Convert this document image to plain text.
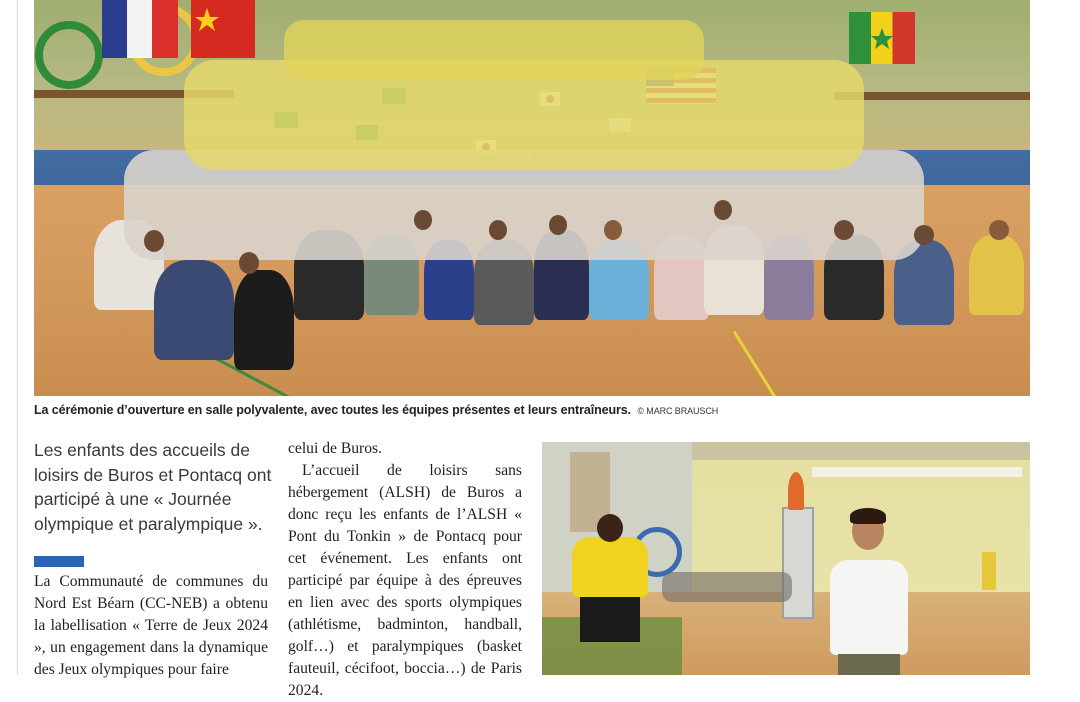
La cérémonie d’ouverture en salle polyvalente, avec toutes les équipes présentes et leurs entraîneurs. © MARC BRAUSCH
Les enfants des accueils de loisirs de Buros et Pontacq ont participé à une « Journée olympique et paralympique ».

La Communauté de communes du Nord Est Béarn (CC-NEB) a obtenu la labellisation « Terre de Jeux 2024 », un engagement dans la dynamique des Jeux olympiques pour faire

celui de Buros.

L’accueil de loisirs sans hébergement (ALSH) de Buros a donc reçu les enfants de l’ALSH « Pont du Tonkin » de Pontacq pour cet événement. Les enfants ont participé par équipe à des épreuves en lien avec des sports olympiques (athlétisme, badminton, handball, golf…) et paralympiques (basket fauteuil, cécifoot, boccia…) de Paris 2024.
